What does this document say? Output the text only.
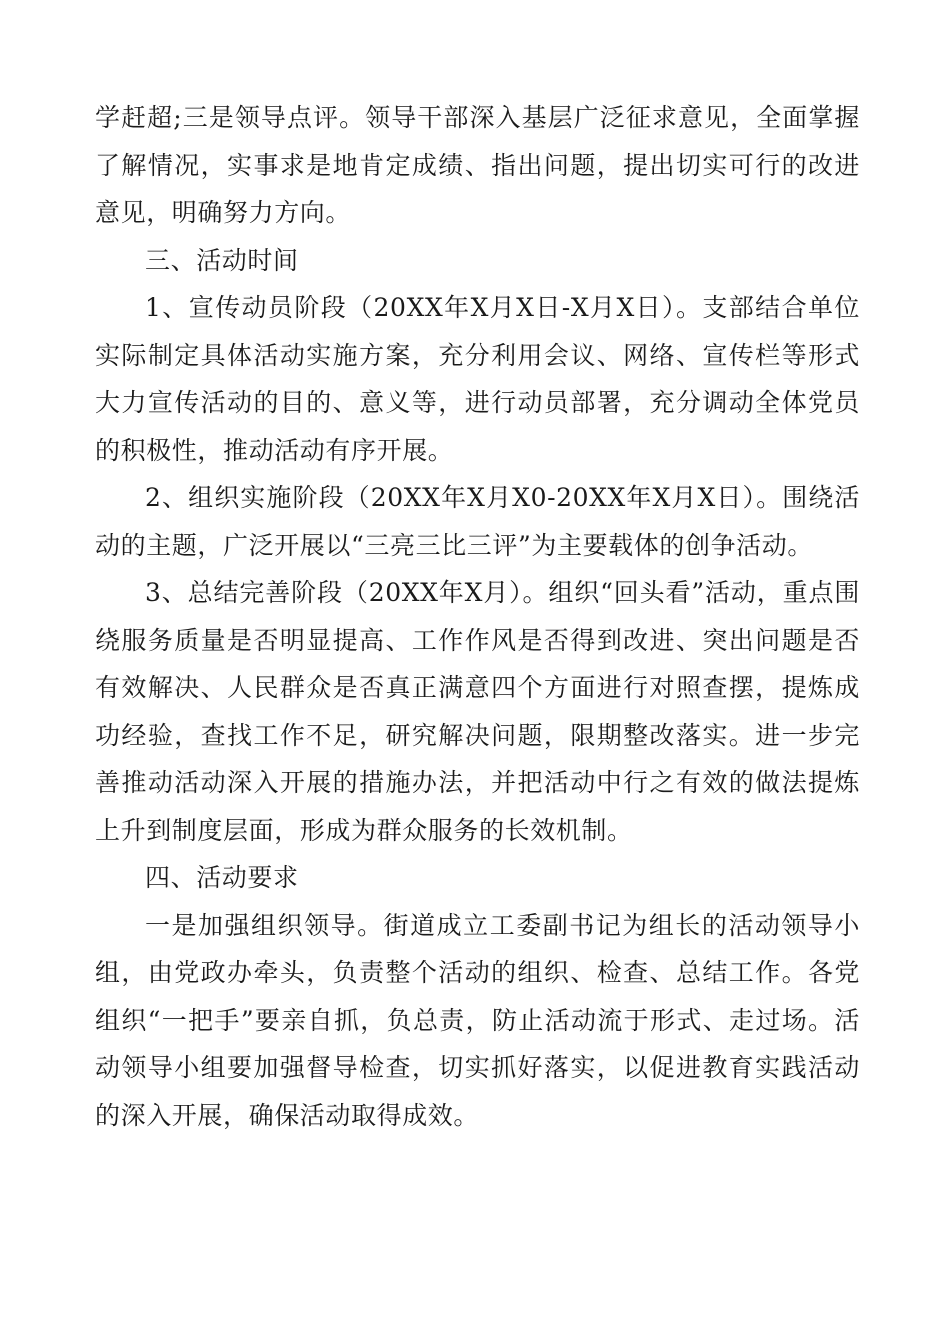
学赶超;三是领导点评。领导干部深入基层广泛征求意见，全面掌握了解情况，实事求是地肯定成绩、指出问题，提出切实可行的改进意见，明确努力方向。

三、活动时间

1、宣传动员阶段（20XX年X月X日-X月X日）。支部结合单位实际制定具体活动实施方案，充分利用会议、网络、宣传栏等形式大力宣传活动的目的、意义等，进行动员部署，充分调动全体党员的积极性，推动活动有序开展。

2、组织实施阶段（20XX年X月X0-20XX年X月X日）。围绕活动的主题，广泛开展以“三亮三比三评”为主要载体的创争活动。

3、总结完善阶段（20XX年X月）。组织“回头看”活动，重点围绕服务质量是否明显提高、工作作风是否得到改进、突出问题是否有效解决、人民群众是否真正满意四个方面进行对照查摆，提炼成功经验，查找工作不足，研究解决问题，限期整改落实。进一步完善推动活动深入开展的措施办法，并把活动中行之有效的做法提炼上升到制度层面，形成为群众服务的长效机制。

四、活动要求

一是加强组织领导。街道成立工委副书记为组长的活动领导小组，由党政办牵头，负责整个活动的组织、检查、总结工作。各党组织“一把手”要亲自抓，负总责，防止活动流于形式、走过场。活动领导小组要加强督导检查，切实抓好落实，以促进教育实践活动的深入开展，确保活动取得成效。
